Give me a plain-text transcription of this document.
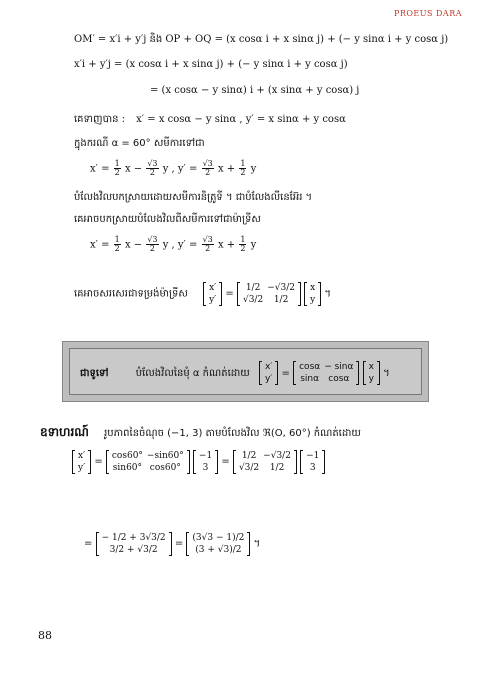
PROEUS DARA
OM′ = x′i + y′j និង OP + OQ = (x cosα i + x sinα j) + (− y sinα i + y cosα j)
x′i + y′j = (x cosα i + x sinα j) + (− y sinα i + y cosα j)
= (x cosα − y sinα) i + (x sinα + y cosα) j
គេទាញបាន : x′ = x cosα − y sinα , y′ = x sinα + y cosα
ក្នុងករណី α = 60° សមីការទៅជា
$x' = \frac{1}{2}$ $x - \frac{√3}{2}$ y , $y' = \frac{√3}{2}$ $x + \frac{1}{2}$ y
បំលែងវិលបកស្រាយដោយសមីការនិត្រូទី ។ ជាបំលែងលីនេអ៊ែរ ។
គេអាចបកស្រាយបំលែងវិលពីសមីការទៅជាម៉ាទ្រីស
$x' = \frac{1}{2}$ $x - \frac{√3}{2}$ y , $y' = \frac{√3}{2}$ $x + \frac{1}{2}$ y
គេអាចសរសេរជាទម្រង់ម៉ាទ្រីស
x′
y′
=
1/2	−√3/2
√3/2	1/2

x
y
។
ជាទូទៅ	បំលែងវិលនៃមុំ α កំណត់ដោយ
x′
y′ =
cosα	− sinα
sinα	cosα

x
y ។
ឧទាហរណ៍ រូបភាពនៃចំណុច (−1, 3) តាមបំលែងវិល ℜ(O, 60°) កំណត់ដោយ
x′
y′
=
cos60°	−sin60°
sin60°	cos60°

−1
3
=
1/2	−√3/2
√3/2	1/2

−1
3
=
− 1/2 + 3√3/2
3/2 + √3/2
=
(3√3 − 1)/2
(3 + √3)/2
។
88
